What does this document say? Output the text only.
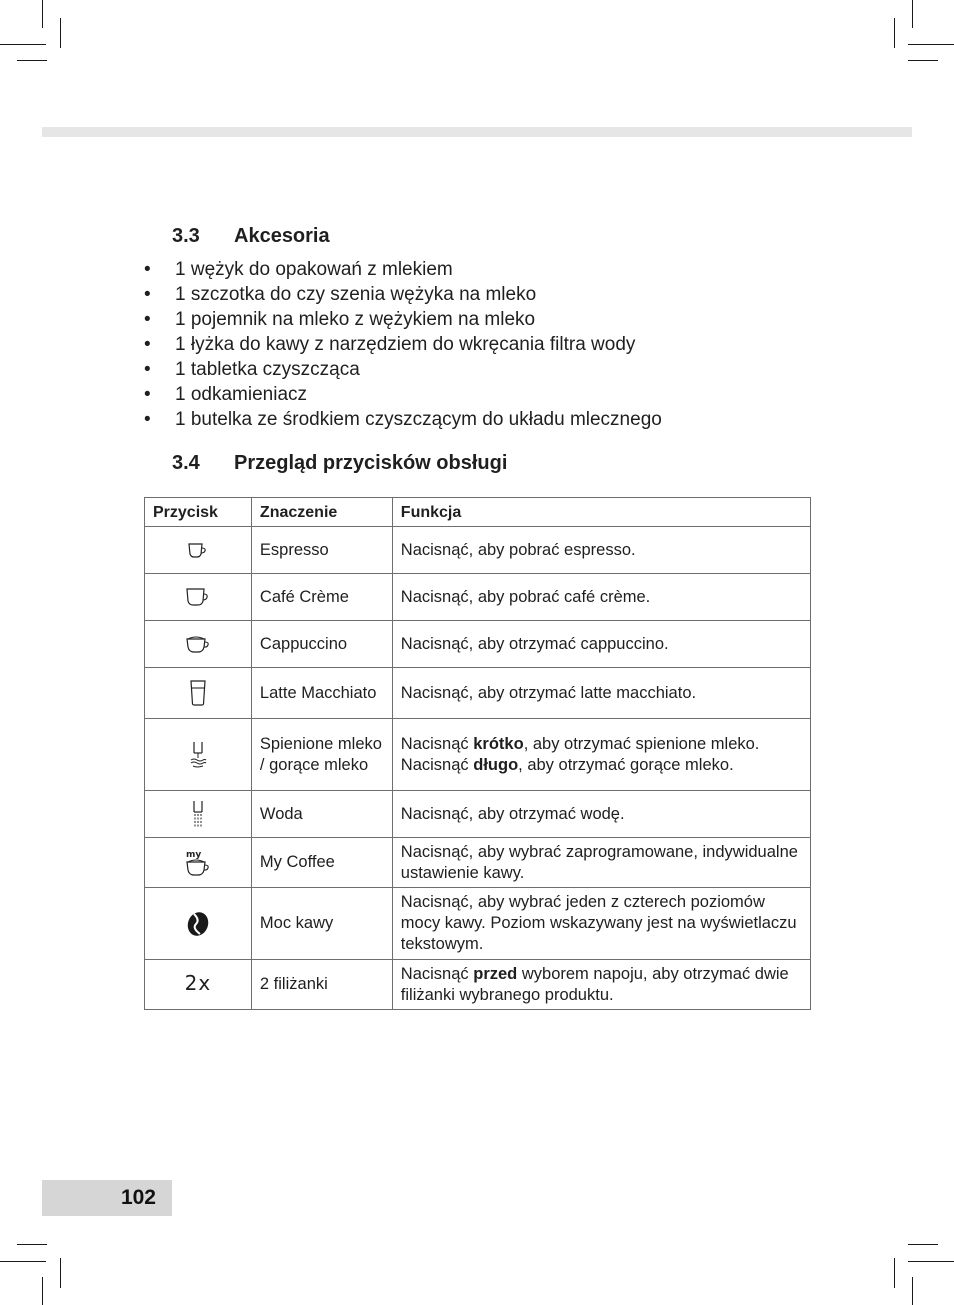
3.3 Akcesoria
•	1 wężyk do opakowań z mlekiem
•	1 szczotka do czy szenia wężyka na mleko
•	1 pojemnik na mleko z wężykiem na mleko
•	1 łyżka do kawy z narzędziem do wkręcania filtra wody
•	1 tabletka czyszcząca
•	1 odkamieniacz
•	1 butelka ze środkiem czyszczącym do układu mlecznego
3.4 Przegląd przycisków obsługi
Przycisk	Znaczenie	Funkcja
	Espresso	Nacisnąć, aby pobrać espresso.
	Café Crème	Nacisnąć, aby pobrać café crème.
	Cappuccino	Nacisnąć, aby otrzymać cappuccino.
	Latte Macchiato	Nacisnąć, aby otrzymać latte macchiato.
	Spienione mleko / gorące mleko	Nacisnąć krótko, aby otrzymać spienione mleko.
Nacisnąć długo, aby otrzymać gorące mleko.
	Woda	Nacisnąć, aby otrzymać wodę.

my	My Coffee	Nacisnąć, aby wybrać zaprogramowane, indywidualne ustawienie kawy.
	Moc kawy	Nacisnąć, aby wybrać jeden z czterech poziomów mocy kawy. Poziom wskazywany jest na wyświetlaczu tekstowym.
2x	2 filiżanki	Nacisnąć przed wyborem napoju, aby otrzymać dwie filiżanki wybranego produktu.
102
